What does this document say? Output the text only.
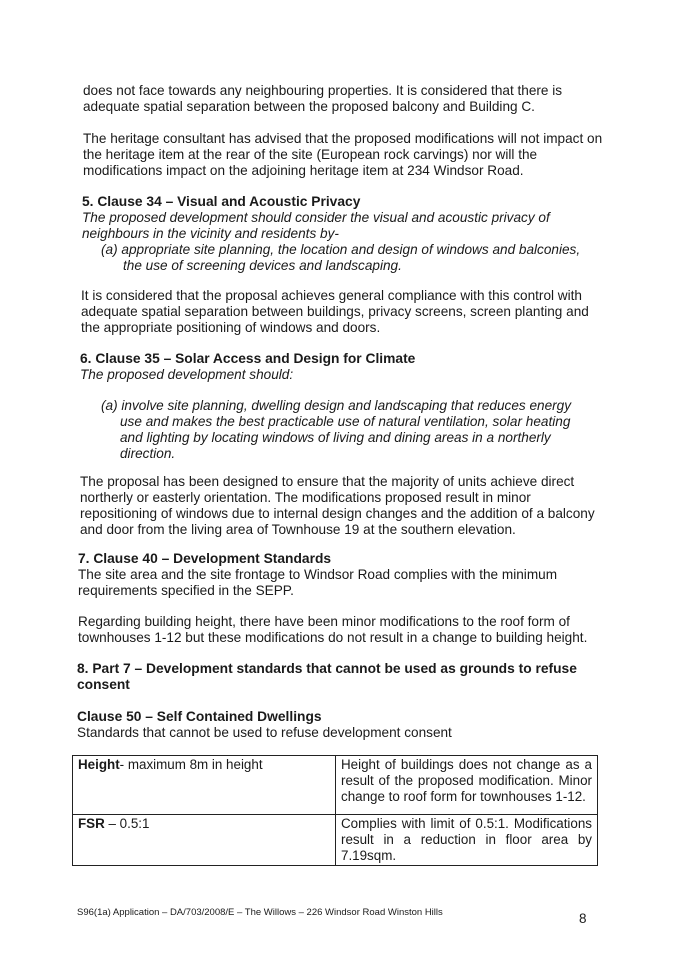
does not face towards any neighbouring properties. It is considered that there is adequate spatial separation between the proposed balcony and Building C.

The heritage consultant has advised that the proposed modifications will not impact on the heritage item at the rear of the site (European rock carvings) nor will the modifications impact on the adjoining heritage item at 234 Windsor Road.

5. Clause 34 – Visual and Acoustic Privacy
The proposed development should consider the visual and acoustic privacy of neighbours in the vicinity and residents by-
(a) appropriate site planning, the location and design of windows and balconies, the use of screening devices and landscaping.

It is considered that the proposal achieves general compliance with this control with adequate spatial separation between buildings, privacy screens, screen planting and the appropriate positioning of windows and doors.

6. Clause 35 – Solar Access and Design for Climate
The proposed development should:
(a) involve site planning, dwelling design and landscaping that reduces energy use and makes the best practicable use of natural ventilation, solar heating and lighting by locating windows of living and dining areas in a northerly direction.

The proposal has been designed to ensure that the majority of units achieve direct northerly or easterly orientation. The modifications proposed result in minor repositioning of windows due to internal design changes and the addition of a balcony and door from the living area of Townhouse 19 at the southern elevation.

7. Clause 40 – Development Standards

The site area and the site frontage to Windsor Road complies with the minimum requirements specified in the SEPP.

Regarding building height, there have been minor modifications to the roof form of townhouses 1-12 but these modifications do not result in a change to building height.

8. Part 7 – Development standards that cannot be used as grounds to refuse consent
Clause 50 – Self Contained Dwellings
Standards that cannot be used to refuse development consent
Height- maximum 8m in height	Height of buildings does not change as a result of the proposed modification. Minor change to roof form for townhouses 1-12.
FSR – 0.5:1	Complies with limit of 0.5:1. Modifications result in a reduction in floor area by 7.19sqm.
S96(1a) Application – DA/703/2008/E – The Willows – 226 Windsor Road Winston Hills	8
